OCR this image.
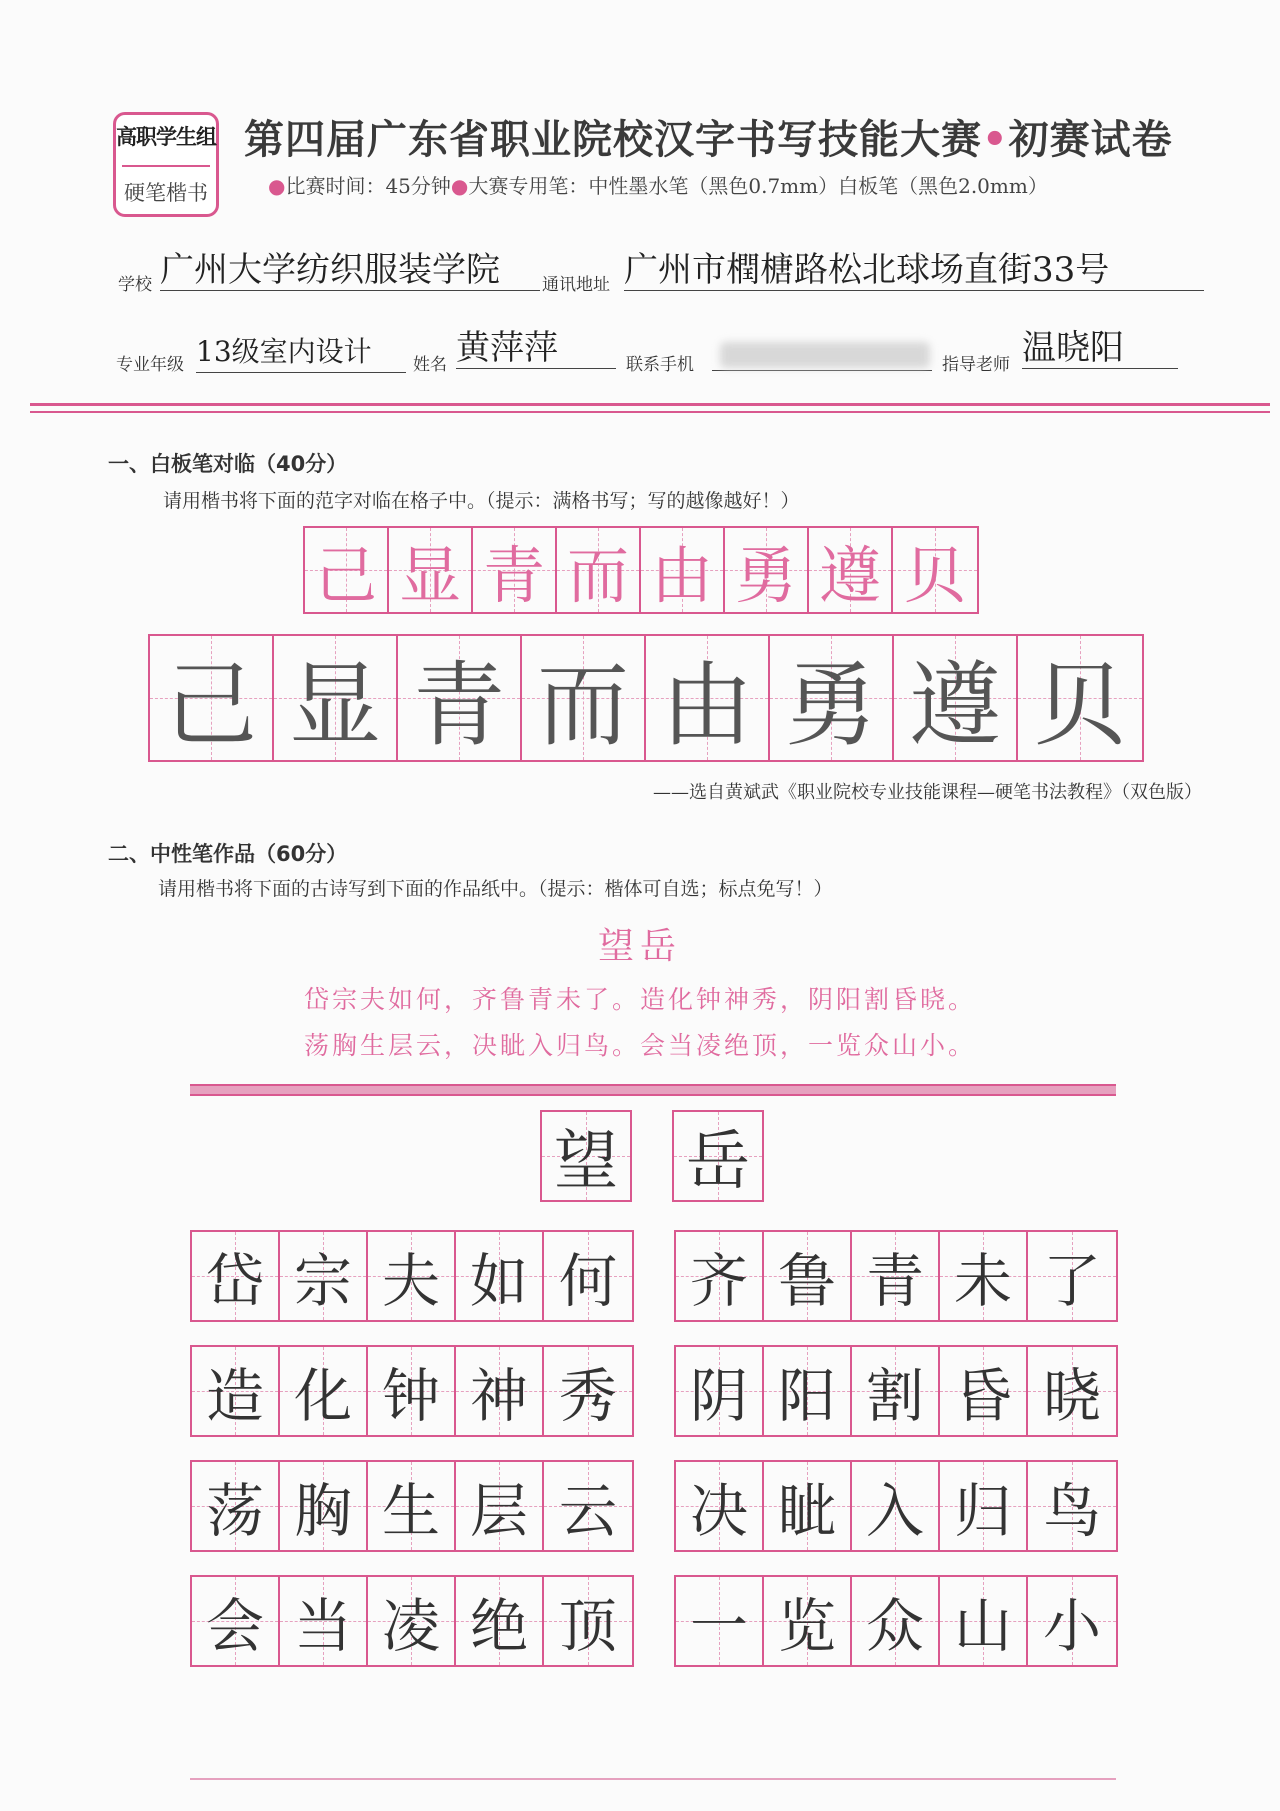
高职学生组
硬笔楷书
第四届广东省职业院校汉字书写技能大赛•初赛试卷
●比赛时间：45分钟●大赛专用笔：中性墨水笔（黑色0.7mm）白板笔（黑色2.0mm）
学校 广州大学纺织服装学院	通讯地址 广州市橍榶路松北球场直街33号
专业年级 13级室内设计	姓名 黄萍萍	联系手机	指导老师 温晓阳
一、白板笔对临（40分）
请用楷书将下面的范字对临在格子中。（提示：满格书写；写的越像越好！）
己 显 青 而 由 勇 遵 贝
己 显 青 而 由 勇 遵 贝
——选自黄斌武《职业院校专业技能课程—硬笔书法教程》（双色版）
二、中性笔作品（60分）
请用楷书将下面的古诗写到下面的作品纸中。（提示：楷体可自选；标点免写！）
望岳
岱宗夫如何，齐鲁青未了。造化钟神秀，阴阳割昏晓。
荡胸生层云，决眦入归鸟。会当凌绝顶，一览众山小。
望 岳
岱 宗 夫 如 何 齐 鲁 青 未 了
造 化 钟 神 秀 阴 阳 割 昏 晓
荡 胸 生 层 云 决 眦 入 归 鸟
会 当 凌 绝 顶 一 览 众 山 小
